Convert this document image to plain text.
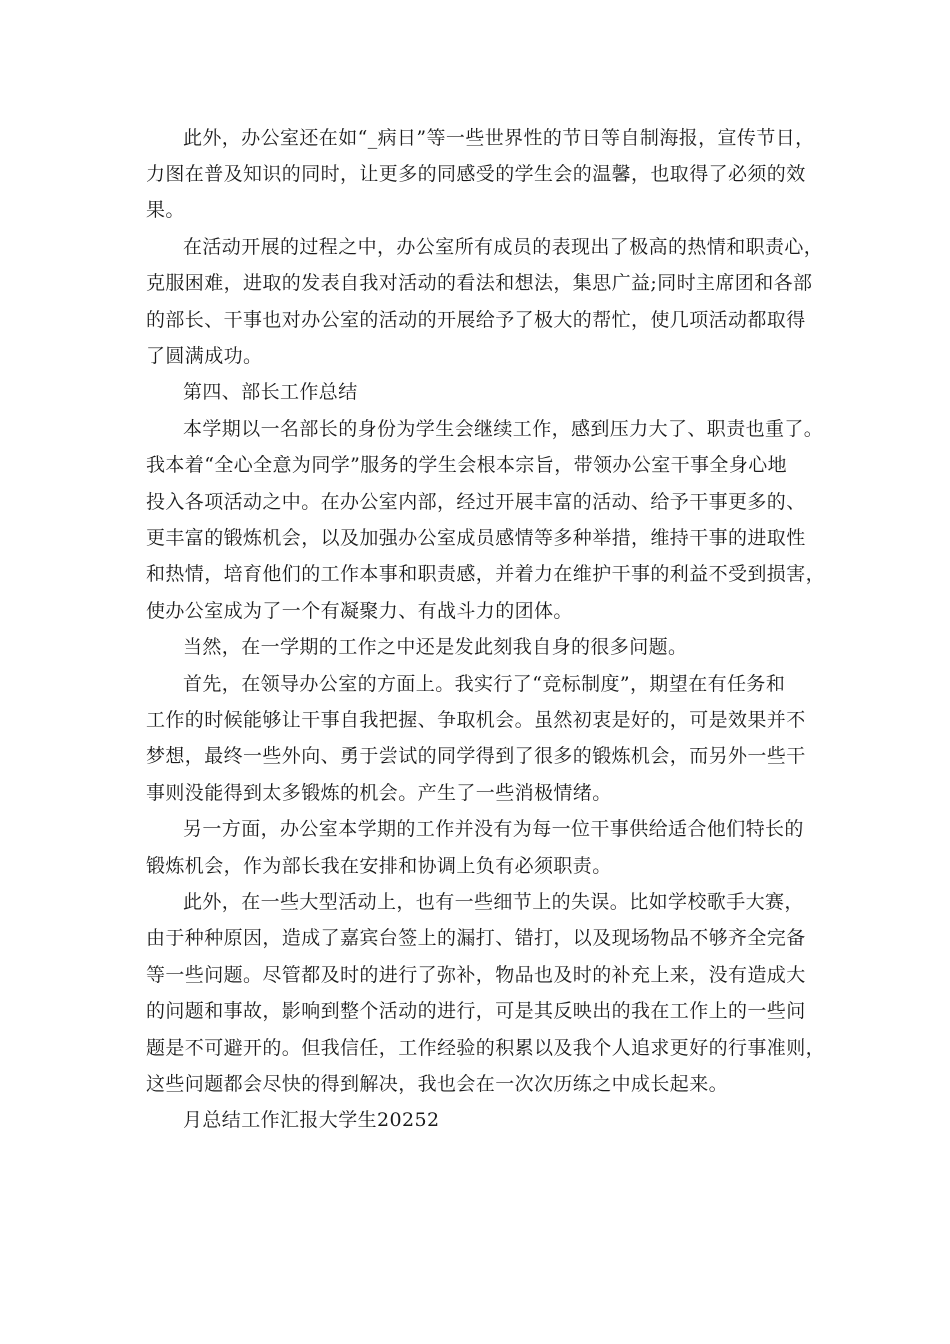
此外，办公室还在如“_病日”等一些世界性的节日等自制海报，宣传节日，
力图在普及知识的同时，让更多的同感受的学生会的温馨，也取得了必须的效
果。
在活动开展的过程之中，办公室所有成员的表现出了极高的热情和职责心，
克服困难，进取的发表自我对活动的看法和想法，集思广益;同时主席团和各部
的部长、干事也对办公室的活动的开展给予了极大的帮忙，使几项活动都取得
了圆满成功。
第四、部长工作总结
本学期以一名部长的身份为学生会继续工作，感到压力大了、职责也重了。
我本着“全心全意为同学”服务的学生会根本宗旨，带领办公室干事全身心地
投入各项活动之中。在办公室内部，经过开展丰富的活动、给予干事更多的、
更丰富的锻炼机会，以及加强办公室成员感情等多种举措，维持干事的进取性
和热情，培育他们的工作本事和职责感，并着力在维护干事的利益不受到损害，
使办公室成为了一个有凝聚力、有战斗力的团体。
当然，在一学期的工作之中还是发此刻我自身的很多问题。
首先，在领导办公室的方面上。我实行了“竞标制度”，期望在有任务和
工作的时候能够让干事自我把握、争取机会。虽然初衷是好的，可是效果并不
梦想，最终一些外向、勇于尝试的同学得到了很多的锻炼机会，而另外一些干
事则没能得到太多锻炼的机会。产生了一些消极情绪。
另一方面，办公室本学期的工作并没有为每一位干事供给适合他们特长的
锻炼机会，作为部长我在安排和协调上负有必须职责。
此外，在一些大型活动上，也有一些细节上的失误。比如学校歌手大赛，
由于种种原因，造成了嘉宾台签上的漏打、错打，以及现场物品不够齐全完备
等一些问题。尽管都及时的进行了弥补，物品也及时的补充上来，没有造成大
的问题和事故，影响到整个活动的进行，可是其反映出的我在工作上的一些问
题是不可避开的。但我信任，工作经验的积累以及我个人追求更好的行事准则，
这些问题都会尽快的得到解决，我也会在一次次历练之中成长起来。
月总结工作汇报大学生20252
